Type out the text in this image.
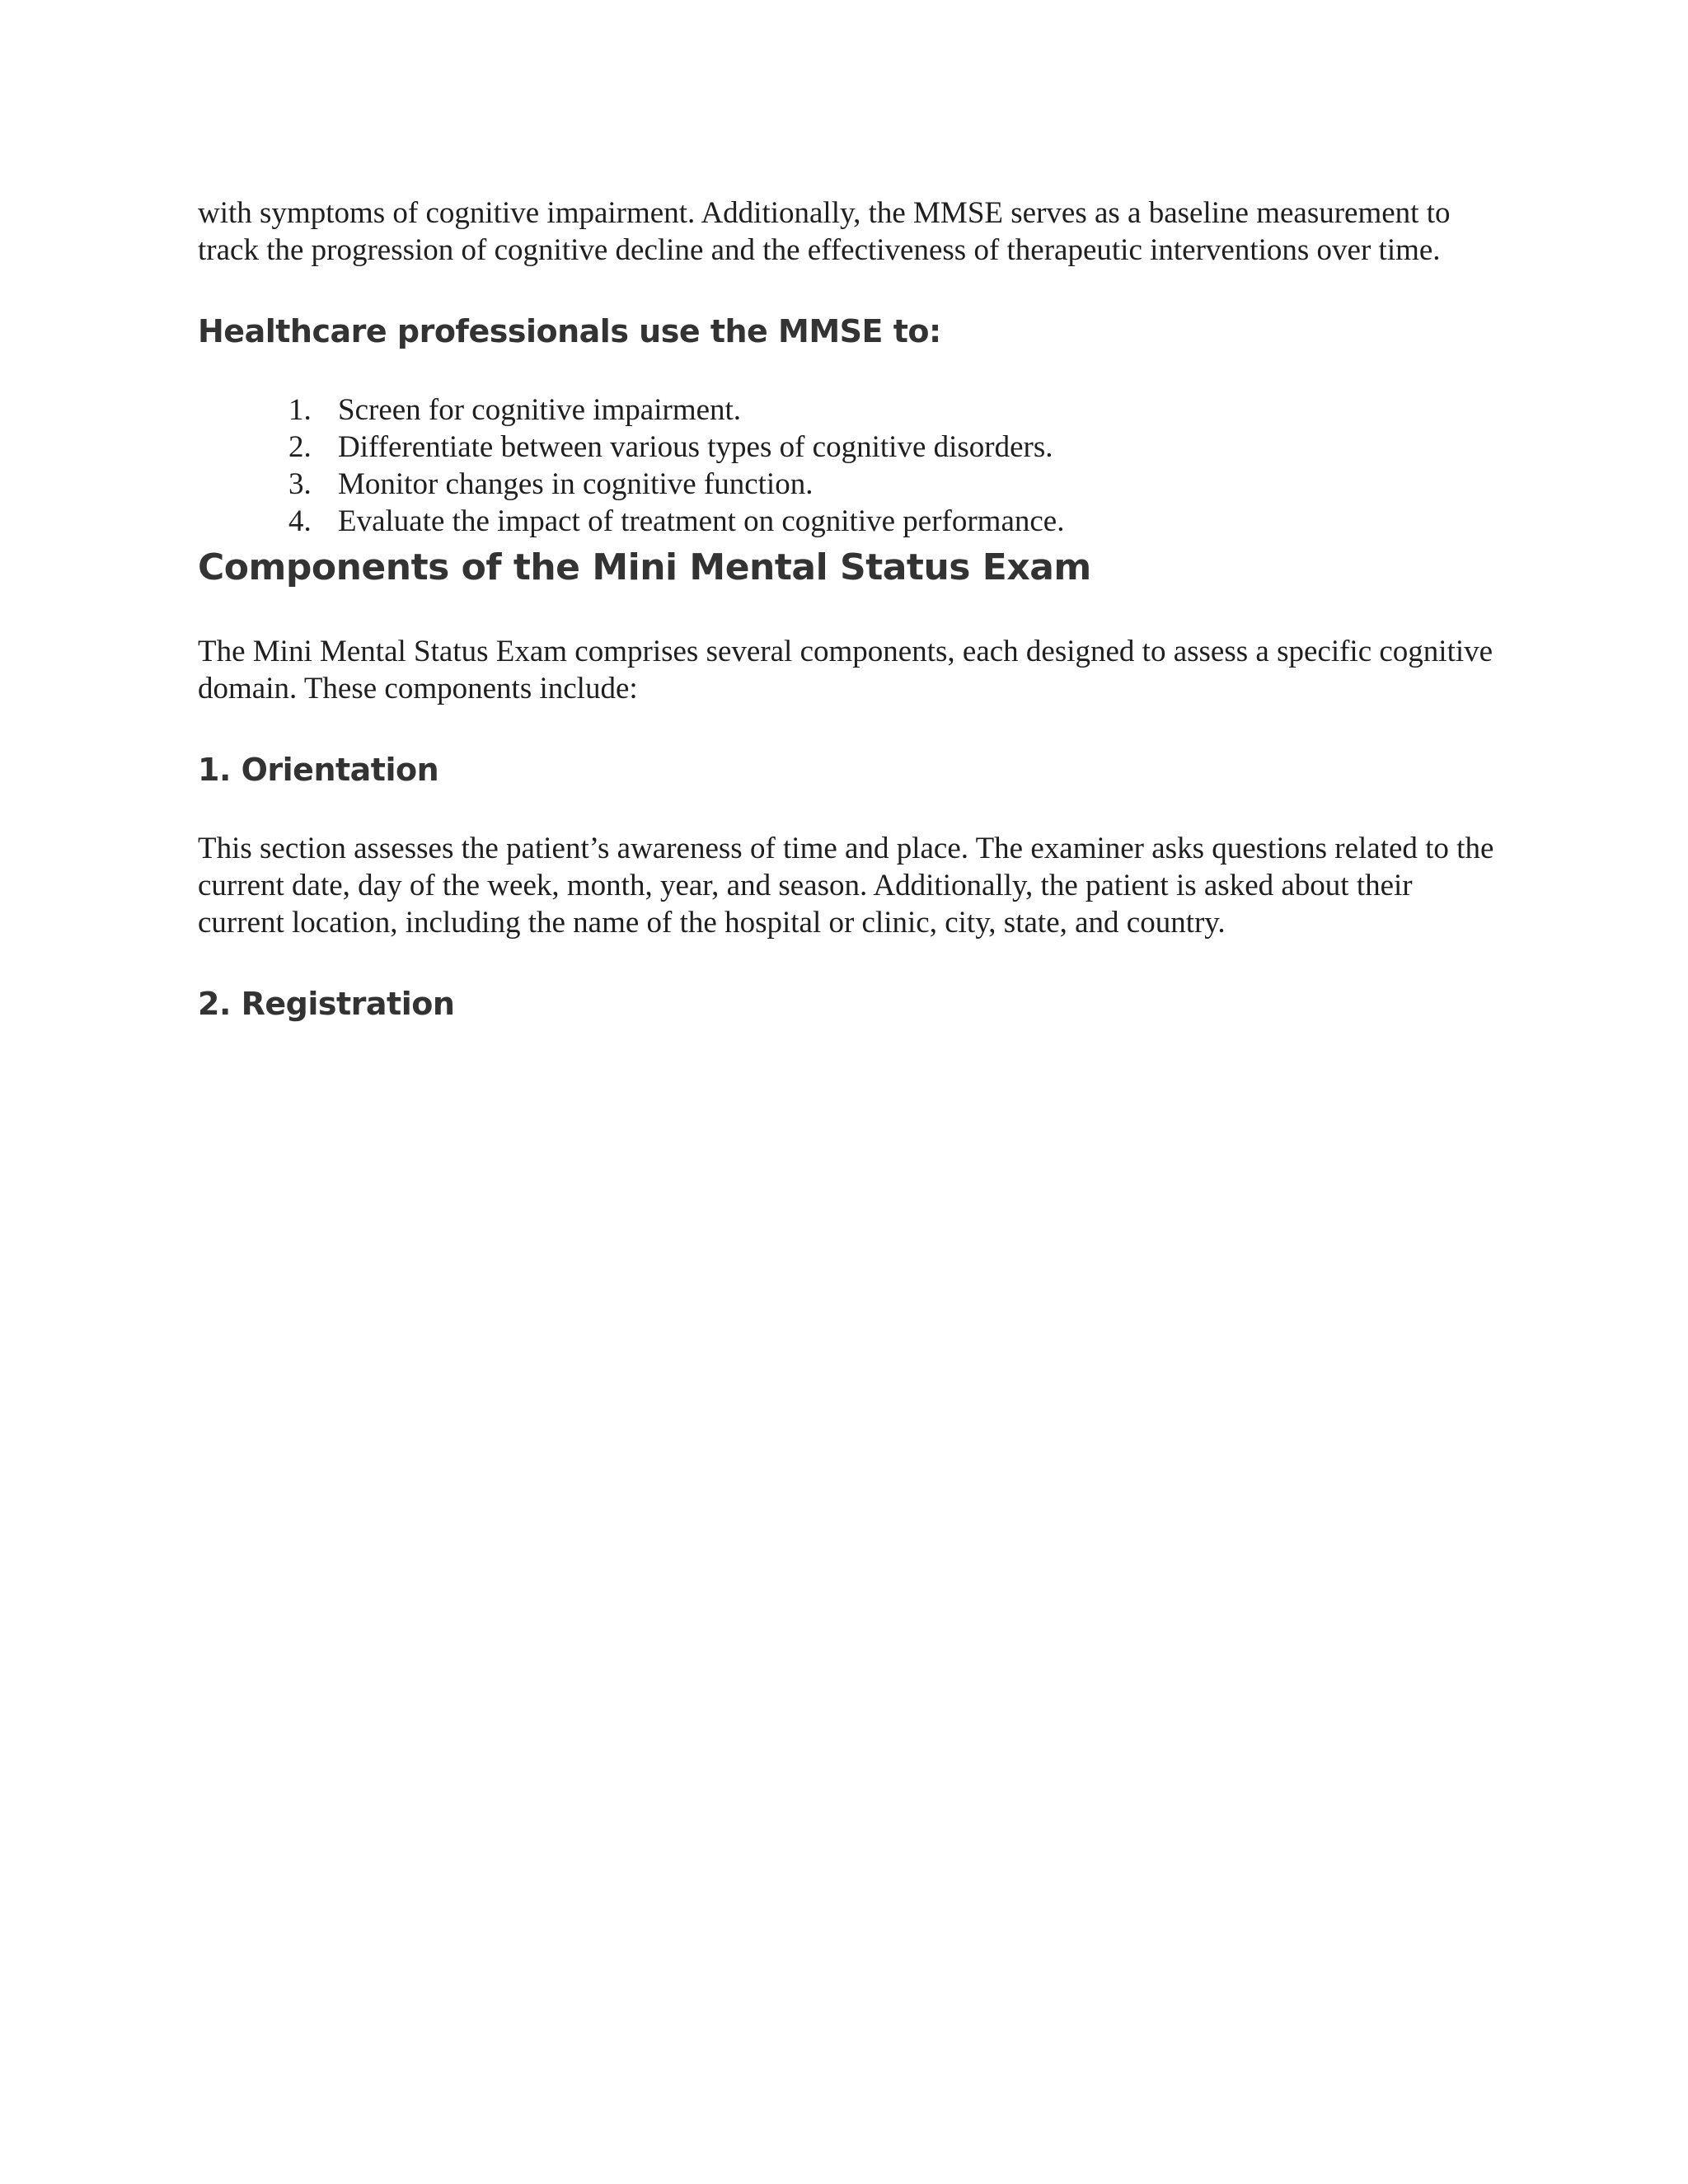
with symptoms of cognitive impairment. Additionally, the MMSE serves as a baseline measurement to track the progression of cognitive decline and the effectiveness of therapeutic interventions over time.

Healthcare professionals use the MMSE to:
1. Screen for cognitive impairment.
2. Differentiate between various types of cognitive disorders.
3. Monitor changes in cognitive function.
4. Evaluate the impact of treatment on cognitive performance.
Components of the Mini Mental Status Exam

The Mini Mental Status Exam comprises several components, each designed to assess a specific cognitive domain. These components include:

1. Orientation

This section assesses the patient’s awareness of time and place. The examiner asks questions related to the current date, day of the week, month, year, and season. Additionally, the patient is asked about their current location, including the name of the hospital or clinic, city, state, and country.

2. Registration
